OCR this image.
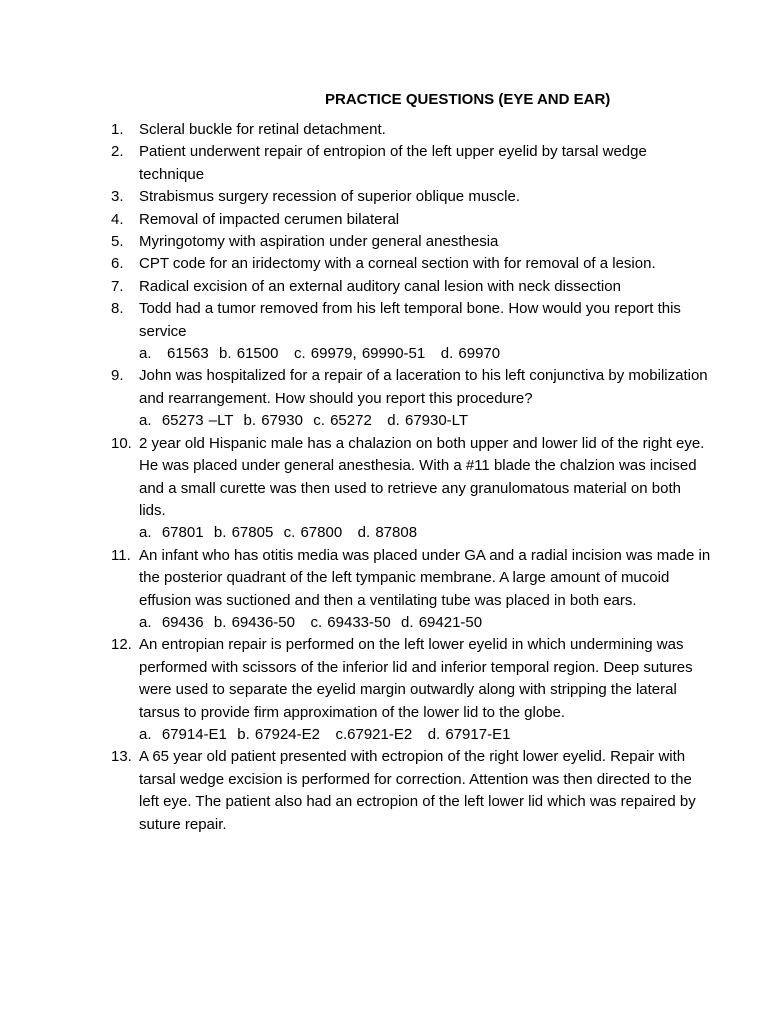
PRACTICE QUESTIONS (EYE AND EAR)
1.	Scleral buckle for retinal detachment.
2.	Patient underwent repair of entropion of the left upper eyelid by tarsal wedge technique
3.	Strabismus surgery recession of superior oblique muscle.
4.	Removal of impacted cerumen bilateral
5.	Myringotomy with aspiration under general anesthesia
6.	CPT code for an iridectomy with a corneal section with for removal of a lesion.
7.	Radical excision of an external auditory canal lesion with neck dissection
8.	Todd had a tumor removed from his left temporal bone. How would you report this service
a.   61563  b. 61500   c. 69979, 69990-51   d. 69970
9.	John was hospitalized for a repair of a laceration to his left conjunctiva by mobilization and rearrangement. How should you report this procedure?
a.  65273 –LT  b. 67930  c. 65272   d. 67930-LT
10. 2 year old Hispanic male has a chalazion on both upper and lower lid of the right eye. He was placed under general anesthesia. With a #11 blade the chalzion was incised and a small curette was then used to retrieve any granulomatous material on both lids.
a.  67801  b. 67805  c. 67800   d. 87808
11. An infant who has otitis media was placed under GA and a radial incision was made in the posterior quadrant of the left tympanic membrane. A large amount of mucoid effusion was suctioned and then a ventilating tube was placed in both ears.
a.  69436  b. 69436-50   c. 69433-50  d. 69421-50
12. An entropian repair is performed on the left lower eyelid in which undermining was performed with scissors of the inferior lid and inferior temporal region. Deep sutures were used to separate the eyelid margin outwardly along with stripping the lateral tarsus to provide firm approximation of the lower lid to the globe.
a.  67914-E1  b. 67924-E2   c.67921-E2   d. 67917-E1
13. A 65 year old patient presented with ectropion of the right lower eyelid. Repair with tarsal wedge excision is performed for correction. Attention was then directed to the left eye. The patient also had an ectropion of the left lower lid which was repaired by suture repair.
